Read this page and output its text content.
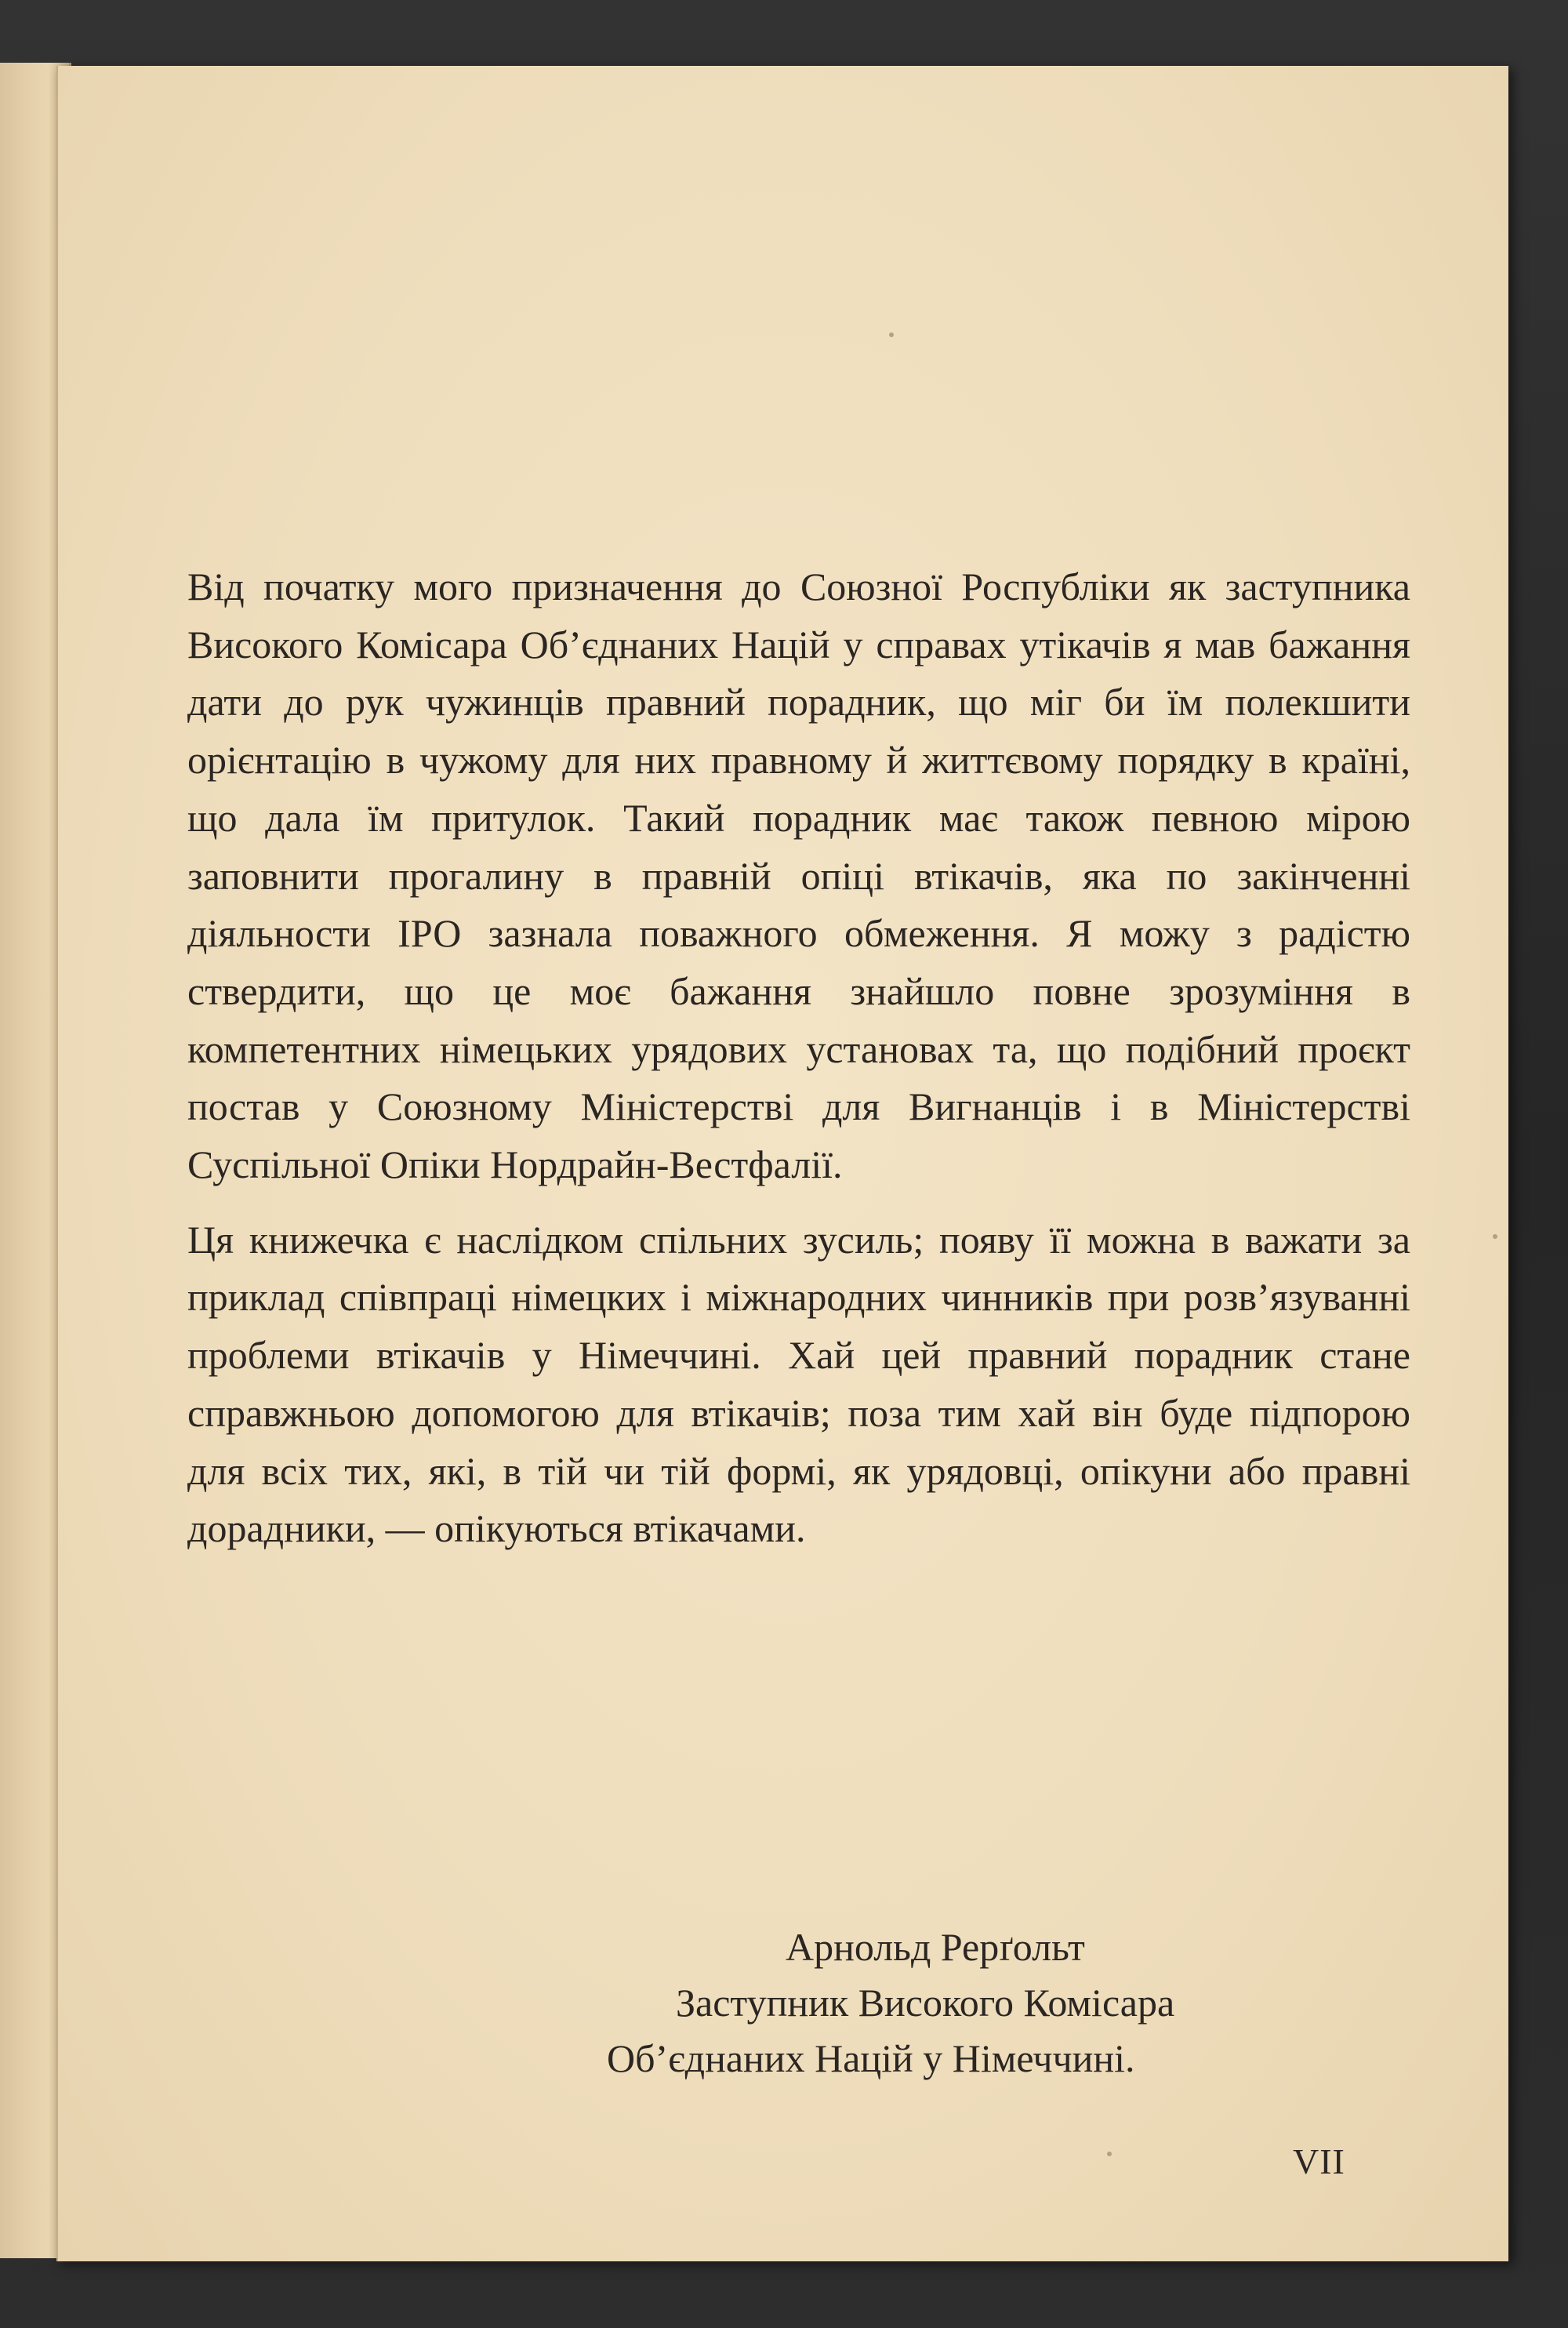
Від початку мого призначення до Союзної Роспубліки як заступника Високого Комісара Об’єднаних Націй у справах утікачів я мав бажання дати до рук чужинців правний порадник, що міг би їм полекшити орієнтацію в чужому для них правному й життєвому порядку в країні, що дала їм притулок. Такий порадник має також певною мірою заповнити прогалину в правній опіці втікачів, яка по закінченні діяльности ІРО зазнала поважного обмеження. Я можу з радістю ствердити, що це моє бажання знайшло повне зрозуміння в компетентних німецьких урядових установах та, що подібний проєкт постав у Союзному Міністерстві для Вигнанців і в Міністерстві Суспільної Опіки Нордрайн-Вестфалії.

Ця книжечка є наслідком спільних зусиль; появу її можна в важати за приклад співпраці німецких і міжнародних чинників при розв’язуванні проблеми втікачів у Німеччині. Хай цей правний порадник стане справжньою допомогою для втікачів; поза тим хай він буде підпорою для всіх тих, які, в тій чи тій формі, як урядовці, опікуни або правні дорадники, — опікуються втікачами.

Арнольд Рерґольт
Заступник Високого Комісара
Об’єднаних Націй у Німеччині.
VII
